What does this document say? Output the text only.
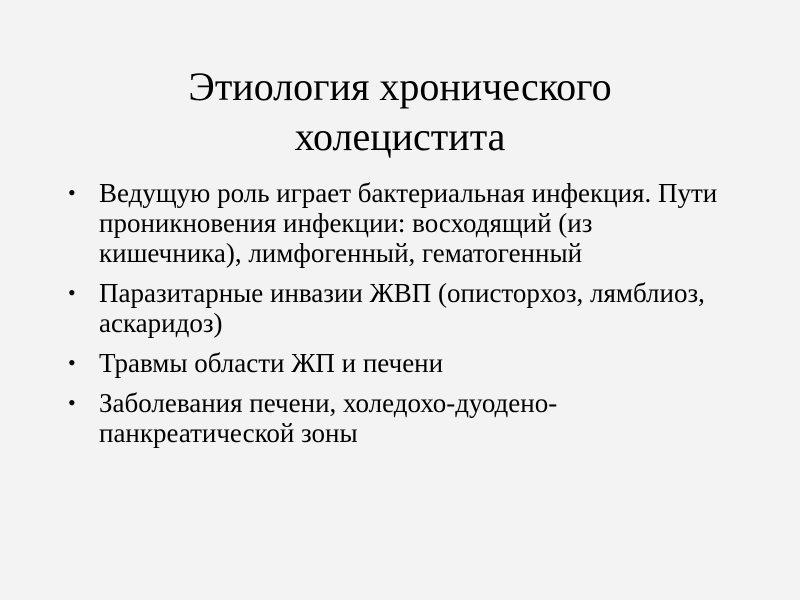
Этиология хронического
холецистита
• Ведущую роль играет бактериальная инфекция. Пути проникновения инфекции: восходящий (из кишечника), лимфогенный, гематогенный
• Паразитарные инвазии ЖВП (описторхоз, лямблиоз, аскаридоз)
• Травмы области ЖП и печени
• Заболевания печени, холедохо-дуодено-панкреатической зоны
